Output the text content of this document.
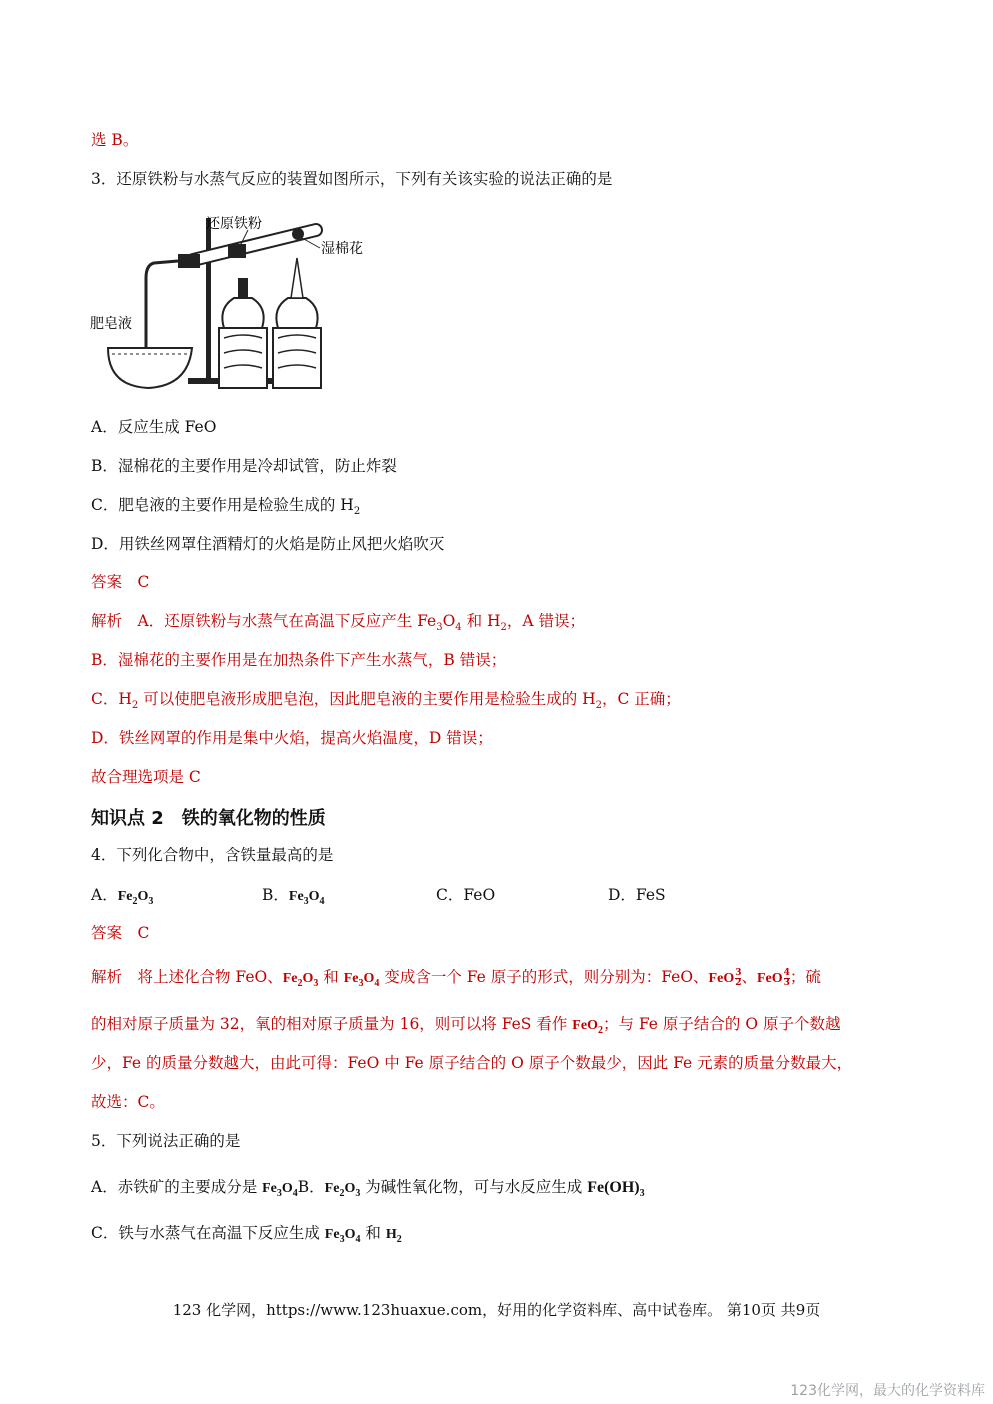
选 B。
3．还原铁粉与水蒸气反应的装置如图所示，下列有关该实验的说法正确的是
还原铁粉
湿棉花
肥皂液
A．反应生成 FeO
B．湿棉花的主要作用是冷却试管，防止炸裂
C．肥皂液的主要作用是检验生成的 $H_2$
D．用铁丝网罩住酒精灯的火焰是防止风把火焰吹灭
答案　C
解析　A．还原铁粉与水蒸气在高温下反应产生 $Fe_3O_4$ 和 $H_2$，A 错误；
B．湿棉花的主要作用是在加热条件下产生水蒸气，B 错误；
C．$H_2$ 可以使肥皂液形成肥皂泡，因此肥皂液的主要作用是检验生成的 $H_2$，C 正确；
D．铁丝网罩的作用是集中火焰，提高火焰温度，D 错误；
故合理选项是 C
知识点 2　铁的氧化物的性质
4．下列化合物中，含铁量最高的是
A．$Fe_2O_3$	B．$Fe_3O_4$	C．FeO	D．FeS
答案　C
解析　将上述化合物 FeO、$Fe_2O_3$ 和 $Fe_3O_4$ 变成含一个 Fe 原子的形式，则分别为：FeO、FeO $\frac{3}{2}$ 、FeO $\frac{4}{3}$ ；硫
的相对原子质量为 32，氧的相对原子质量为 16，则可以将 FeS 看作 FeO$_2$；与 Fe 原子结合的 O 原子个数越
少，Fe 的质量分数越大，由此可得：FeO 中 Fe 原子结合的 O 原子个数最少，因此 Fe 元素的质量分数最大，
故选：C。
5．下列说法正确的是
A．赤铁矿的主要成分是 $Fe_3O_4B$．$Fe_2O_3$ 为碱性氧化物，可与水反应生成 $Fe(OH)_3$
C．铁与水蒸气在高温下反应生成 $Fe_3O_4$ 和 $H_2$
123 化学网，https://www.123huaxue.com，好用的化学资料库、高中试卷库。 第10页 共9页
123化学网，最大的化学资料库
